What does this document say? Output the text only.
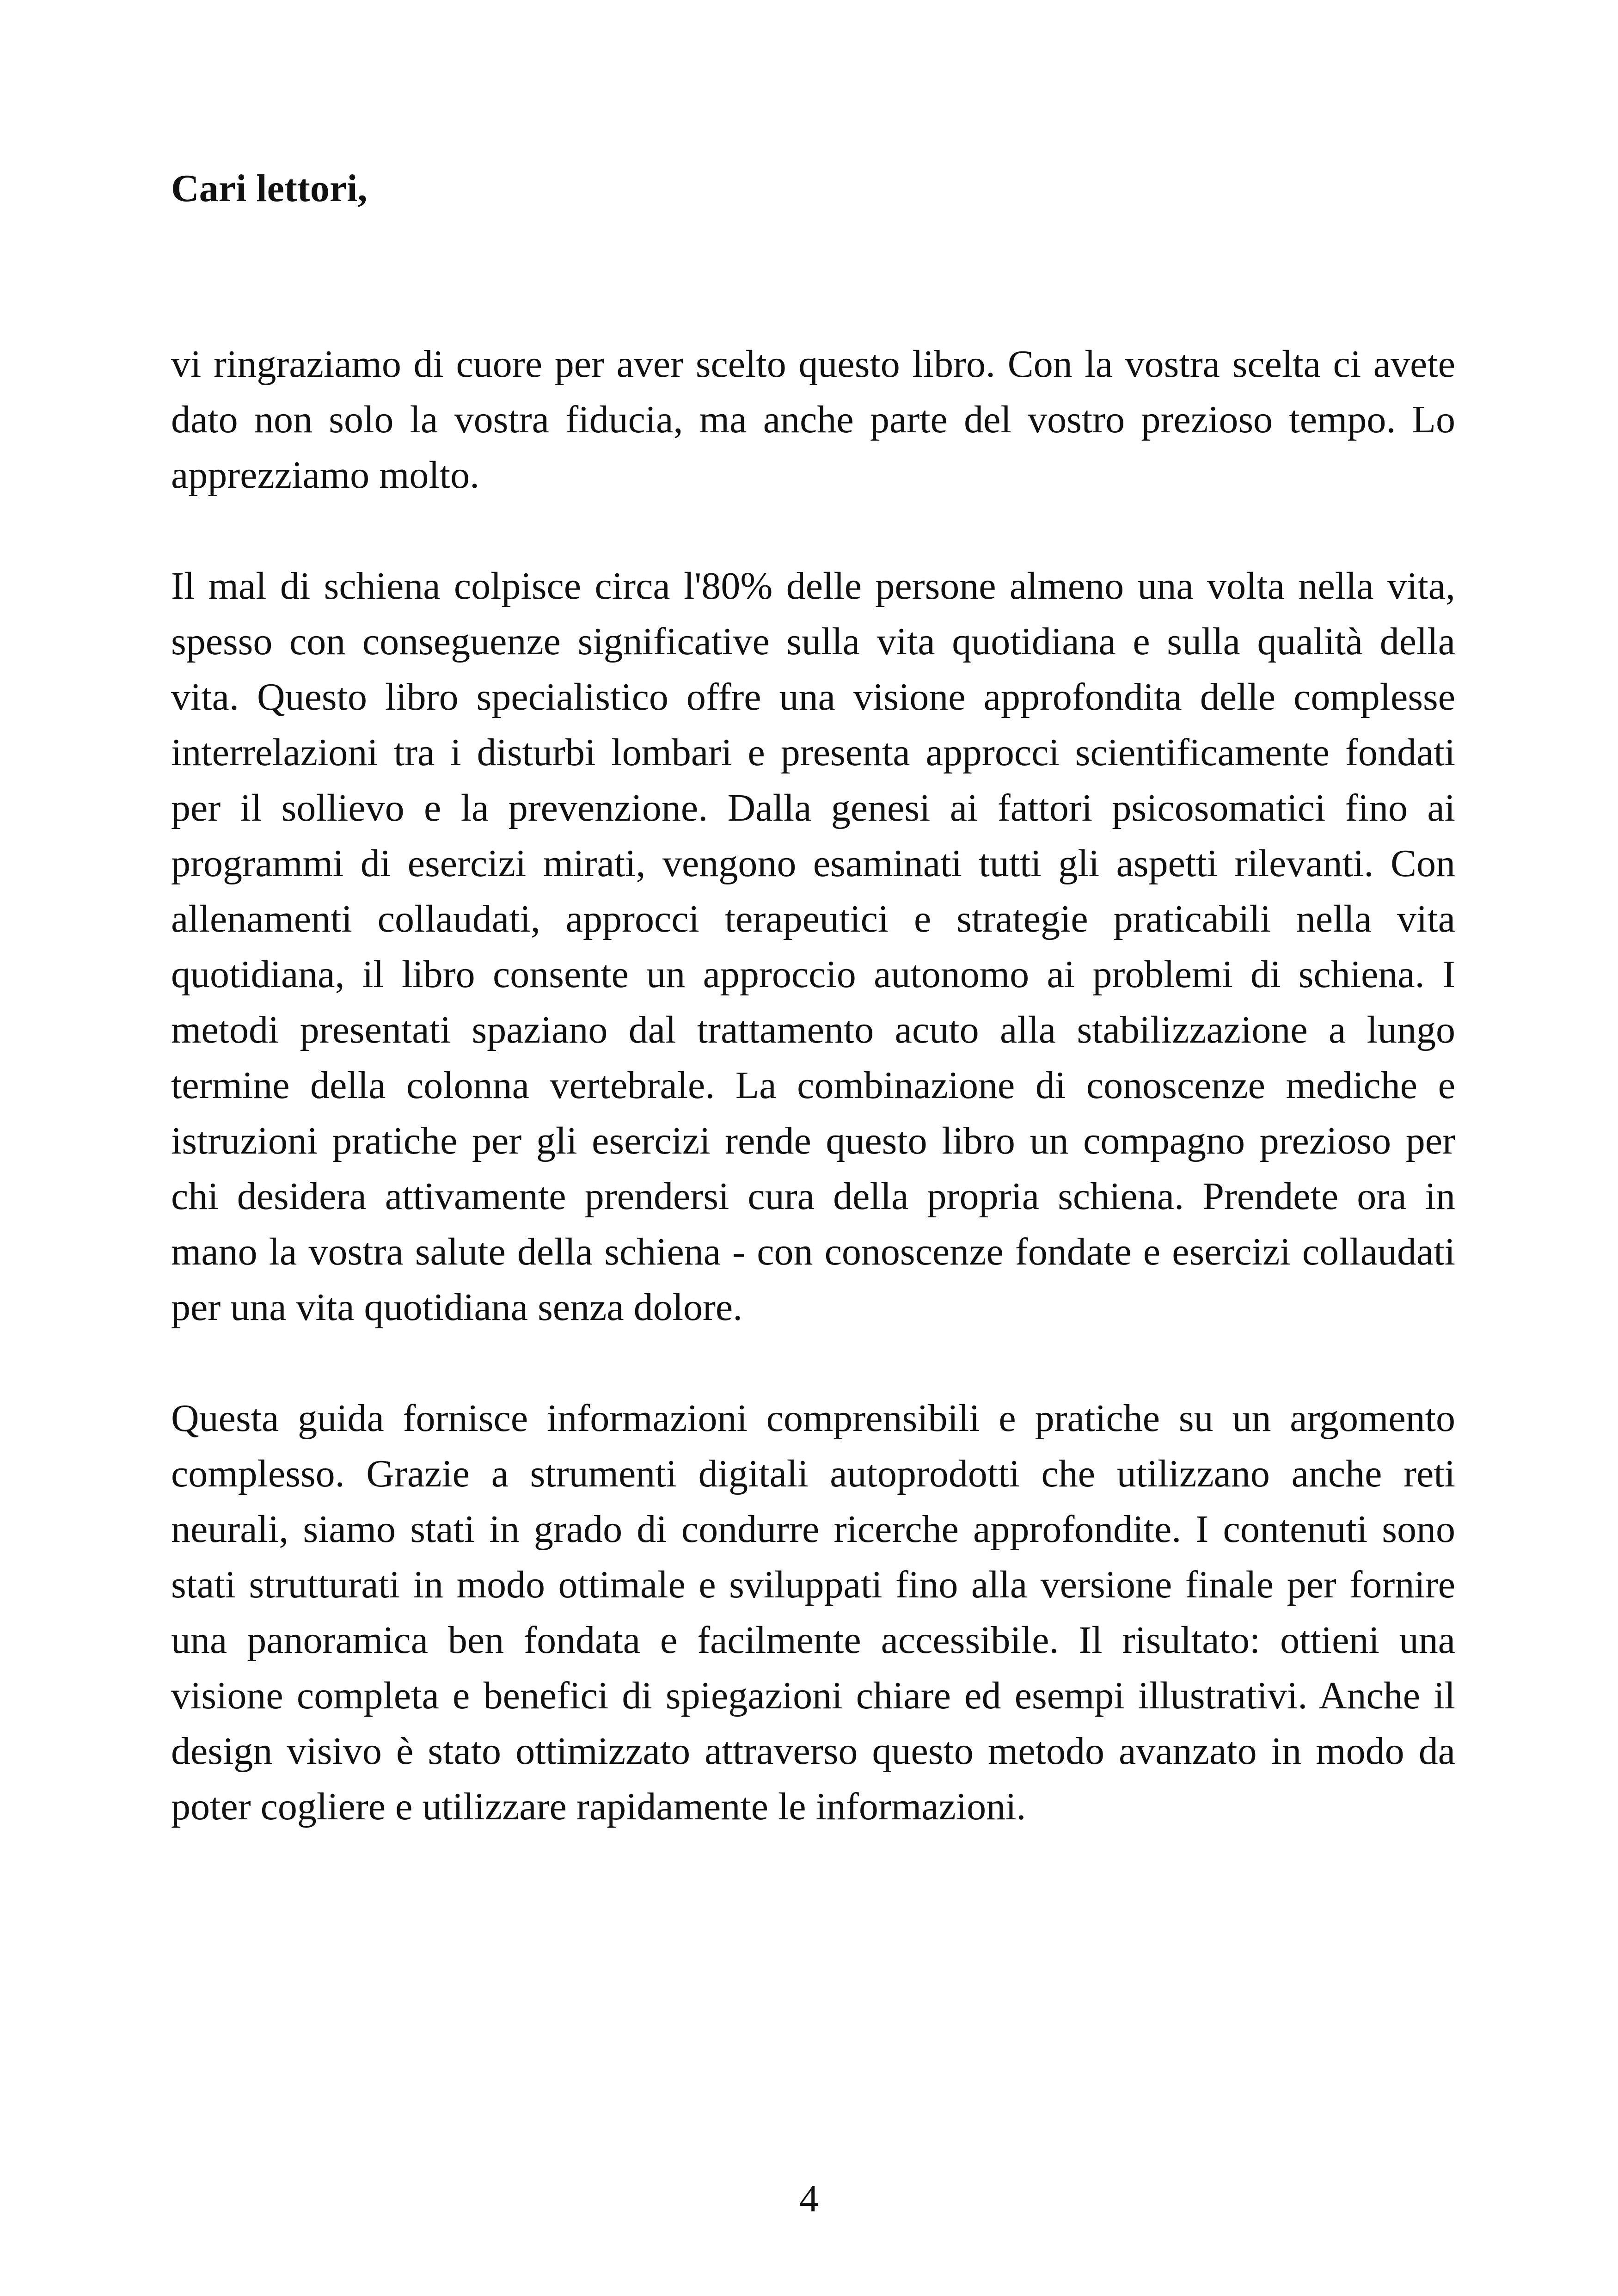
Cari lettori,

vi ringraziamo di cuore per aver scelto questo libro. Con la vostra scelta ci avete dato non solo la vostra fiducia, ma anche parte del vostro prezioso tempo. Lo apprezziamo molto.

Il mal di schiena colpisce circa l'80% delle persone almeno una volta nella vita, spesso con conseguenze significative sulla vita quotidiana e sulla qualità della vita. Questo libro specialistico offre una visione approfondita delle complesse interrelazioni tra i disturbi lombari e presenta approcci scientificamente fondati per il sollievo e la prevenzione. Dalla genesi ai fattori psicosomatici fino ai programmi di esercizi mirati, vengono esaminati tutti gli aspetti rilevanti. Con allenamenti collaudati, approcci terapeutici e strategie praticabili nella vita quotidiana, il libro consente un approccio autonomo ai problemi di schiena. I metodi presentati spaziano dal trattamento acuto alla stabilizzazione a lungo termine della colonna vertebrale. La combinazione di conoscenze mediche e istruzioni pratiche per gli esercizi rende questo libro un compagno prezioso per chi desidera attivamente prendersi cura della propria schiena. Prendete ora in mano la vostra salute della schiena - con conoscenze fondate e esercizi collaudati per una vita quotidiana senza dolore.

Questa guida fornisce informazioni comprensibili e pratiche su un argomento complesso. Grazie a strumenti digitali autoprodotti che utilizzano anche reti neurali, siamo stati in grado di condurre ricerche approfondite. I contenuti sono stati strutturati in modo ottimale e sviluppati fino alla versione finale per fornire una panoramica ben fondata e facilmente accessibile. Il risultato: ottieni una visione completa e benefici di spiegazioni chiare ed esempi illustrativi. Anche il design visivo è stato ottimizzato attraverso questo metodo avanzato in modo da poter cogliere e utilizzare rapidamente le informazioni.

4
